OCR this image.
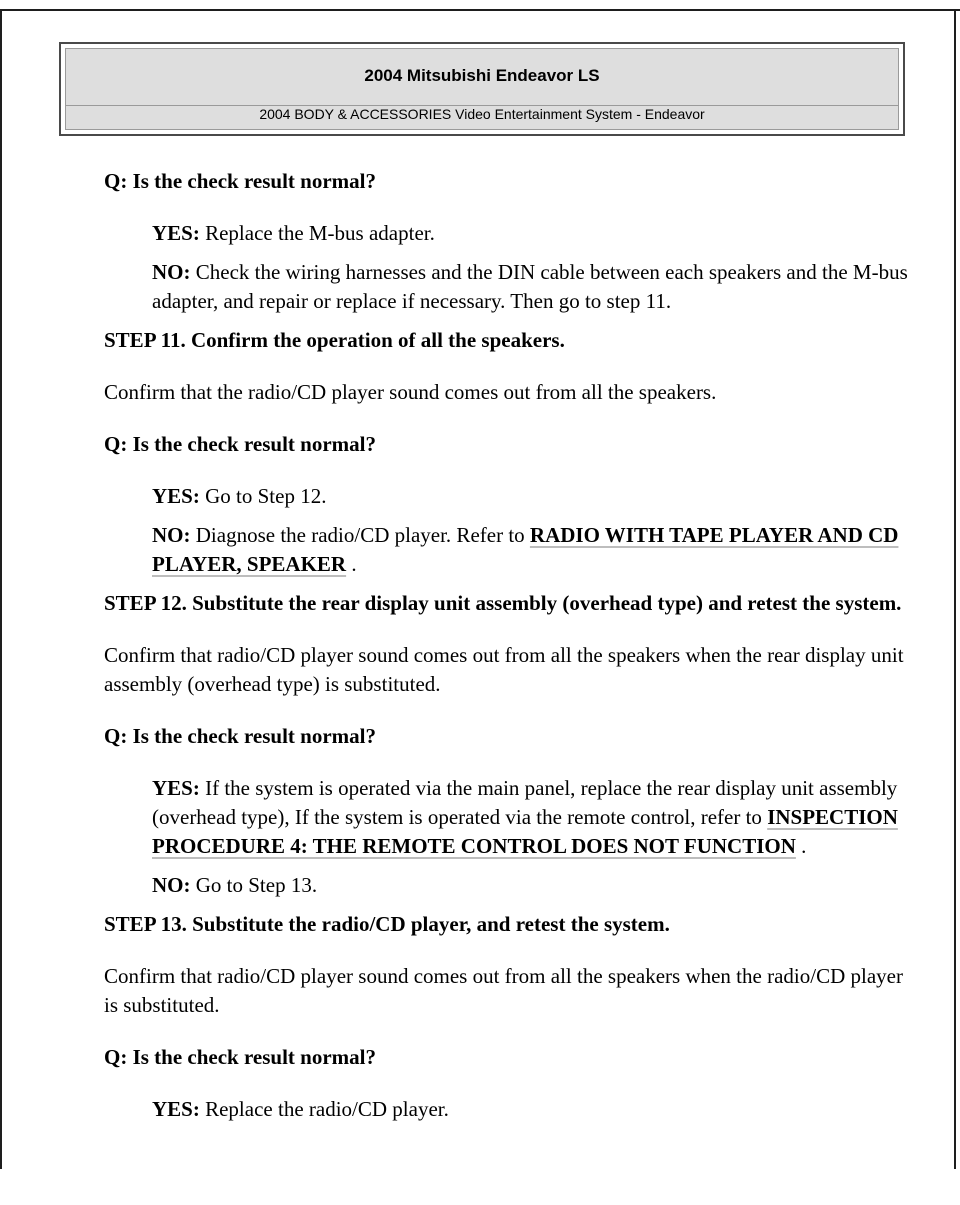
2004 Mitsubishi Endeavor LS
2004 BODY & ACCESSORIES Video Entertainment System - Endeavor

Q: Is the check result normal?

YES: Replace the M-bus adapter.

NO: Check the wiring harnesses and the DIN cable between each speakers and the M-bus adapter, and repair or replace if necessary. Then go to step 11.

STEP 11. Confirm the operation of all the speakers.

Confirm that the radio/CD player sound comes out from all the speakers.

Q: Is the check result normal?

YES: Go to Step 12.

NO: Diagnose the radio/CD player. Refer to RADIO WITH TAPE PLAYER AND CD PLAYER, SPEAKER .

STEP 12. Substitute the rear display unit assembly (overhead type) and retest the system.

Confirm that radio/CD player sound comes out from all the speakers when the rear display unit assembly (overhead type) is substituted.

Q: Is the check result normal?

YES: If the system is operated via the main panel, replace the rear display unit assembly (overhead type), If the system is operated via the remote control, refer to INSPECTION PROCEDURE 4: THE REMOTE CONTROL DOES NOT FUNCTION .

NO: Go to Step 13.

STEP 13. Substitute the radio/CD player, and retest the system.

Confirm that radio/CD player sound comes out from all the speakers when the radio/CD player is substituted.

Q: Is the check result normal?

YES: Replace the radio/CD player.
